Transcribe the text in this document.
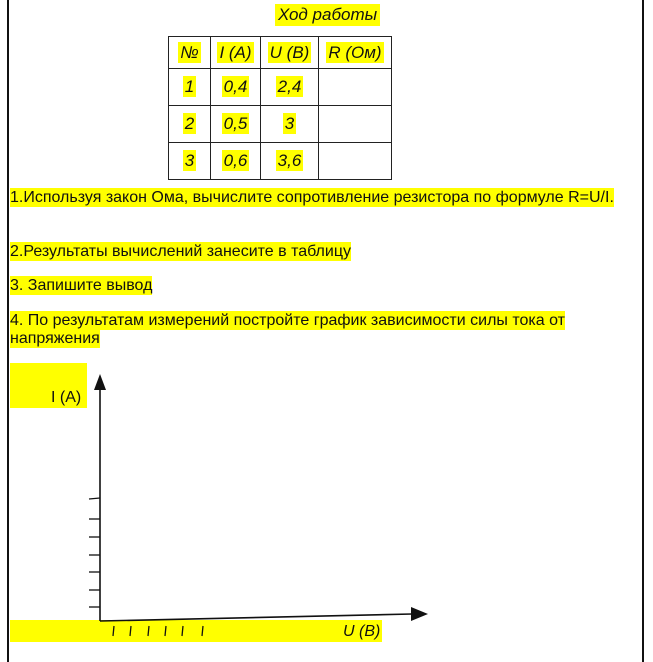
Ход работы
№	I (A)	U (B)	R (Ом)
1	0,4	2,4	
2	0,5	3	
3	0,6	3,6	
1.Используя закон Ома, вычислите сопротивление резистора по формуле R=U/I.
2.Результаты вычислений занесите в таблицу
3. Запишите вывод
4. По результатам измерений постройте график зависимости силы тока от напряжения
I (A)
U (B)
